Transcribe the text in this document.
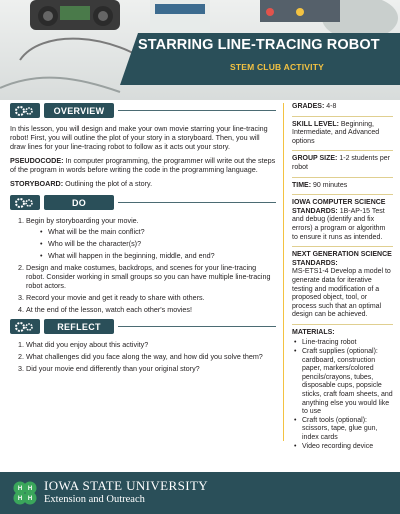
STARRING LINE-TRACING ROBOT
STEM CLUB ACTIVITY
OVERVIEW

In this lesson, you will design and make your own movie starring your line-tracing robot! First, you will outline the plot of your story in a storyboard. Then, you will draw lines for your line-tracing robot to follow as it acts out your story.

PSEUDOCODE: In computer programming, the programmer will write out the steps of the program in words before writing the code in the programming language.

STORYBOARD: Outlining the plot of a story.

DO
1. Begin by storyboarding your movie.
• What will be the main conflict?
• Who will be the character(s)?
• What will happen in the beginning, middle, and end?
2. Design and make costumes, backdrops, and scenes for your line-tracing robot. Consider working in small groups so you can have multiple line-tracing robot actors.
3. Record your movie and get it ready to share with others.
4. At the end of the lesson, watch each other's movies!
REFLECT
1. What did you enjoy about this activity?
2. What challenges did you face along the way, and how did you solve them?
3. Did your movie end differently than your original story?
GRADES: 4-8
SKILL LEVEL: Beginning, Intermediate, and Advanced options
GROUP SIZE: 1-2 students per robot
TIME: 90 minutes
IOWA COMPUTER SCIENCE STANDARDS: 1B-AP-15 Test and debug (identify and fix errors) a program or algorithm to ensure it runs as intended.
NEXT GENERATION SCIENCE STANDARDS:
MS-ETS1-4 Develop a model to generate data for iterative testing and modification of a proposed object, tool, or process such that an optimal design can be achieved.
MATERIALS:
• Line-tracing robot
• Craft supplies (optional): cardboard, construction paper, markers/colored pencils/crayons, tubes, disposable cups, popsicle sticks, craft foam sheets, and anything else you would like to use
• Craft tools (optional): scissors, tape, glue gun, index cards
• Video recording device
H H
H H
IOWA STATE UNIVERSITY
Extension and Outreach
